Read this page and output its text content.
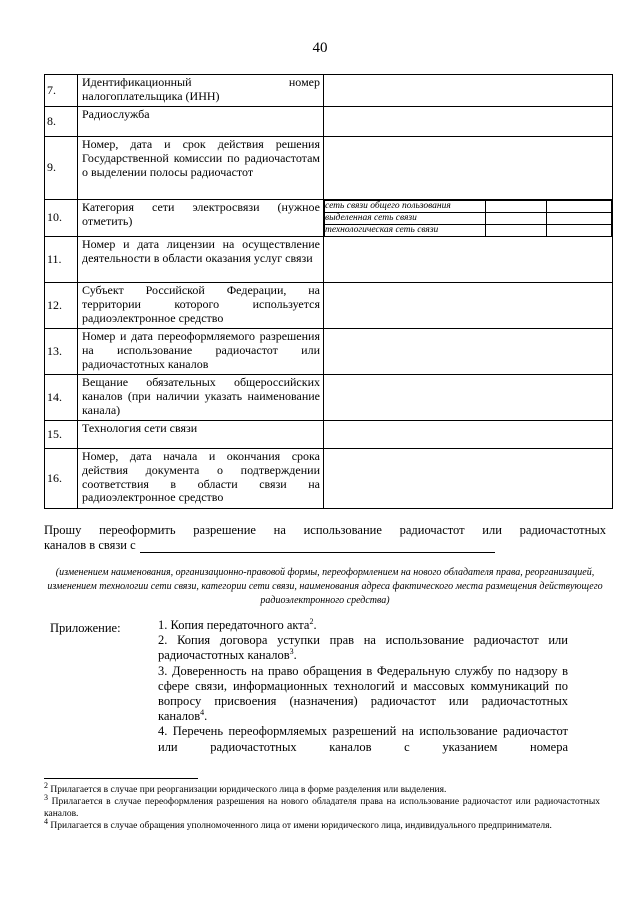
40
7.	Идентификационный номер налогоплательщика (ИНН)	
8.	Радиослужба	
9.	Номер, дата и срок действия решения Государственной комиссии по радиочастотам о выделении полосы радиочастот	
10.	Категория сети электросвязи (нужное отметить)	
сеть связи общего пользования		
выделенная сеть связи		
технологическая сеть связи		

11.	Номер и дата лицензии на осуществление деятельности в области оказания услуг связи	
12.	Субъект Российской Федерации, на территории которого используется радиоэлектронное средство	
13.	Номер и дата переоформляемого разрешения на использование радиочастот или радиочастотных каналов	
14.	Вещание обязательных общероссийских каналов (при наличии указать наименование канала)	
15.	Технология сети связи	
16.	Номер, дата начала и окончания срока действия документа о подтверждении соответствия в области связи на радиоэлектронное средство	
Прошу переоформить разрешение на использование радиочастот или радиочастотных
каналов в связи с
(изменением наименования, организационно-правовой формы, переоформлением на нового обладателя права, реорганизацией, изменением технологии сети связи, категории сети связи, наименования адреса фактического места размещения действующего радиоэлектронного средства)
Приложение:	1. Копия передаточного акта$^2$.
2. Копия договора уступки прав на использование радиочастот или радиочастотных каналов$^3$.
3. Доверенность на право обращения в Федеральную службу по надзору в сфере связи, информационных технологий и массовых коммуникаций по вопросу присвоения (назначения) радиочастот или радиочастотных каналов$^4$.
4. Перечень переоформляемых разрешений на использование радиочастот или радиочастотных каналов с указанием номера
$^2$ Прилагается в случае при реорганизации юридического лица в форме разделения или выделения.
$^3$ Прилагается в случае переоформления разрешения на нового обладателя права на использование радиочастот или радиочастотных каналов.
$^4$ Прилагается в случае обращения уполномоченного лица от имени юридического лица, индивидуального предпринимателя.
